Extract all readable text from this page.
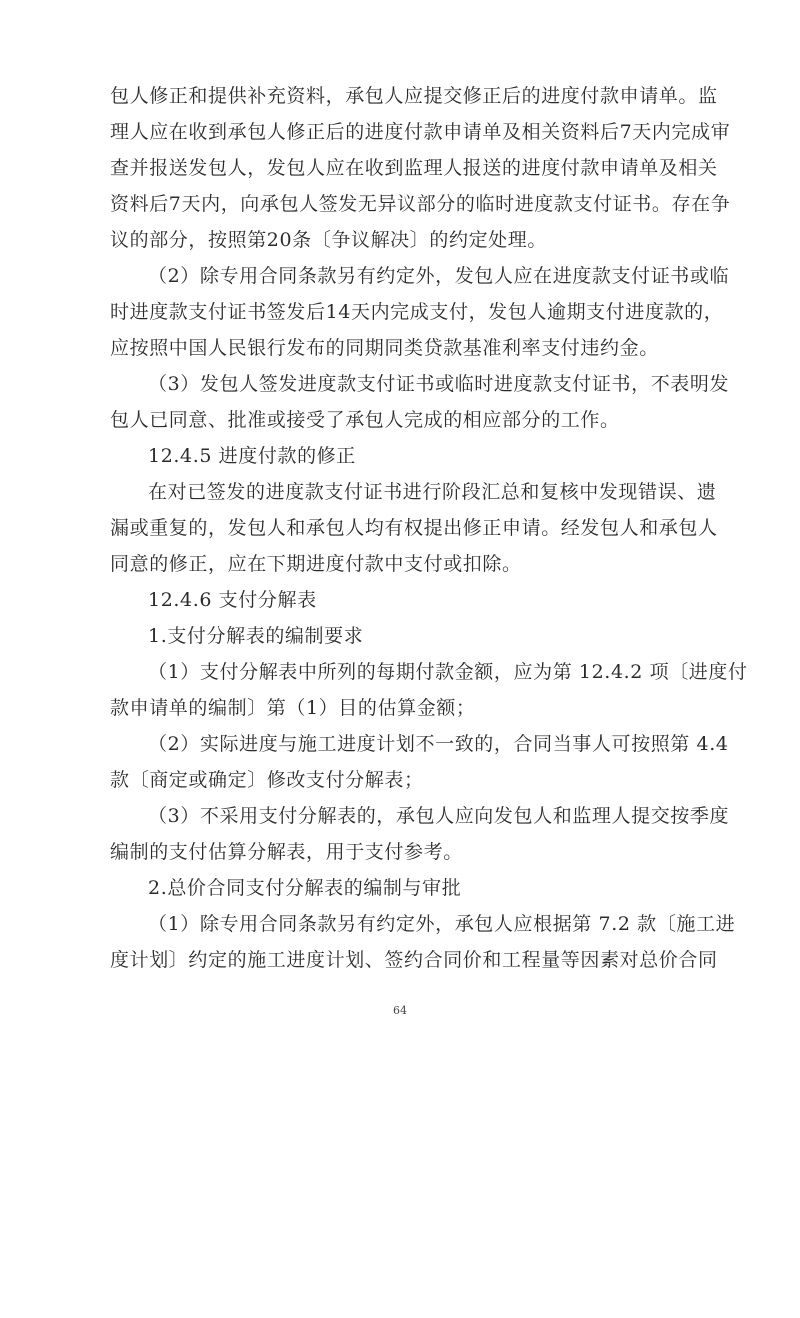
包人修正和提供补充资料，承包人应提交修正后的进度付款申请单。监
理人应在收到承包人修正后的进度付款申请单及相关资料后7天内完成审
查并报送发包人，发包人应在收到监理人报送的进度付款申请单及相关
资料后7天内，向承包人签发无异议部分的临时进度款支付证书。存在争
议的部分，按照第20条〔争议解决〕的约定处理。
（2）除专用合同条款另有约定外，发包人应在进度款支付证书或临
时进度款支付证书签发后14天内完成支付，发包人逾期支付进度款的，
应按照中国人民银行发布的同期同类贷款基准利率支付违约金。
（3）发包人签发进度款支付证书或临时进度款支付证书，不表明发
包人已同意、批准或接受了承包人完成的相应部分的工作。
12.4.5 进度付款的修正
在对已签发的进度款支付证书进行阶段汇总和复核中发现错误、遗
漏或重复的，发包人和承包人均有权提出修正申请。经发包人和承包人
同意的修正，应在下期进度付款中支付或扣除。
12.4.6 支付分解表
1.支付分解表的编制要求
（1）支付分解表中所列的每期付款金额，应为第 12.4.2 项〔进度付
款申请单的编制〕第（1）目的估算金额；
（2）实际进度与施工进度计划不一致的，合同当事人可按照第 4.4
款〔商定或确定〕修改支付分解表；
（3）不采用支付分解表的，承包人应向发包人和监理人提交按季度
编制的支付估算分解表，用于支付参考。
2.总价合同支付分解表的编制与审批
（1）除专用合同条款另有约定外，承包人应根据第 7.2 款〔施工进
度计划〕约定的施工进度计划、签约合同价和工程量等因素对总价合同
64
